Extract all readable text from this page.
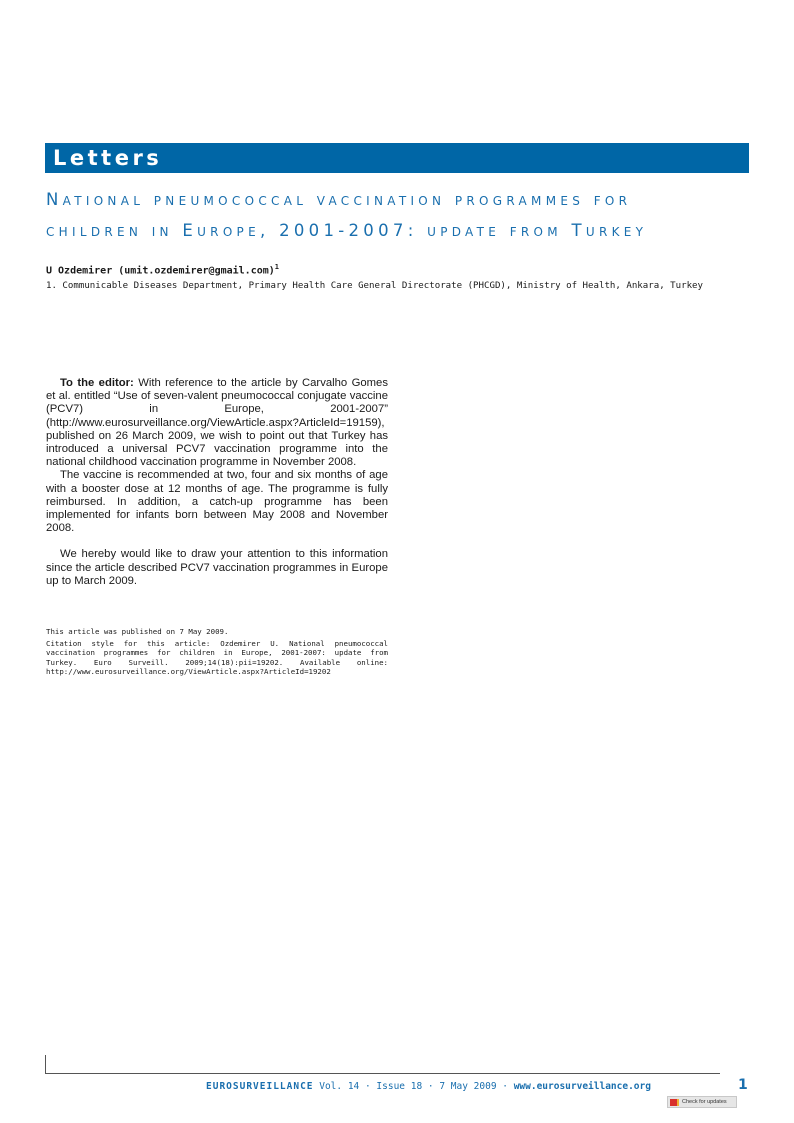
Letters
National pneumococcal vaccination programmes for
children in Europe, 2001-2007: update from Turkey
U Ozdemirer (umit.ozdemirer@gmail.com)$^1$
1. Communicable Diseases Department, Primary Health Care General Directorate (PHCGD), Ministry of Health, Ankara, Turkey

To the editor: With reference to the article by Carvalho Gomes et al. entitled “Use of seven-valent pneumococcal conjugate vaccine (PCV7) in Europe, 2001-2007” (http://www.eurosurveillance.org/ViewArticle.aspx?ArticleId=19159), published on 26 March 2009, we wish to point out that Turkey has introduced a universal PCV7 vaccination programme into the national childhood vaccination programme in November 2008.

The vaccine is recommended at two, four and six months of age with a booster dose at 12 months of age. The programme is fully reimbursed. In addition, a catch-up programme has been implemented for infants born between May 2008 and November 2008.

We hereby would like to draw your attention to this information since the article described PCV7 vaccination programmes in Europe up to March 2009.

This article was published on 7 May 2009.

Citation style for this article: Ozdemirer U. National pneumococcal vaccination programmes for children in Europe, 2001-2007: update from Turkey. Euro Surveill. 2009;14(18):pii=19202. Available online: http://www.eurosurveillance.org/ViewArticle.aspx?ArticleId=19202

EUROSURVEILLANCE Vol. 14 · Issue 18 · 7 May 2009 · www.eurosurveillance.org	1
Check for updates
